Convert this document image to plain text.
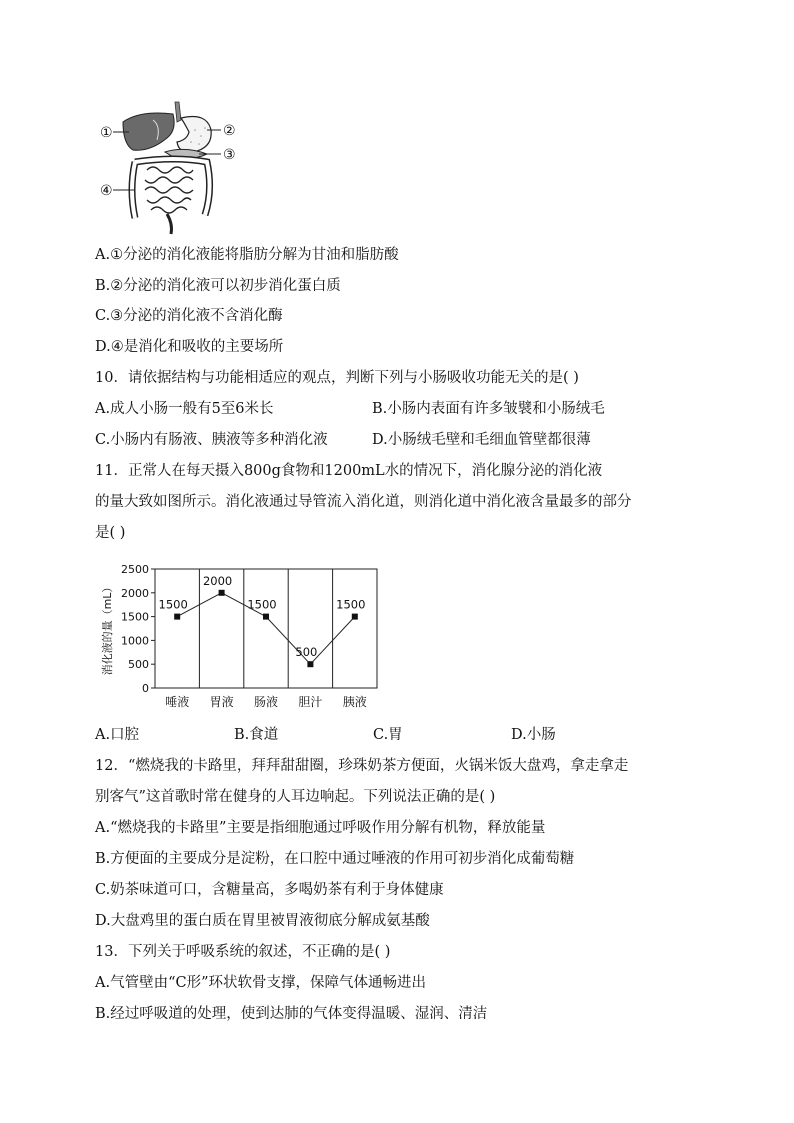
①	②
③
④
A.①分泌的消化液能将脂肪分解为甘油和脂肪酸
B.②分泌的消化液可以初步消化蛋白质
C.③分泌的消化液不含消化酶
D.④是消化和吸收的主要场所
10．请依据结构与功能相适应的观点，判断下列与小肠吸收功能无关的是( )
A.成人小肠一般有5至6米长	B.小肠内表面有许多皱襞和小肠绒毛
C.小肠内有肠液、胰液等多种消化液	D.小肠绒毛壁和毛细血管壁都很薄
11．正常人在每天摄入800g食物和1200mL水的情况下，消化腺分泌的消化液
的量大致如图所示。消化液通过导管流入消化道，则消化道中消化液含量最多的部分
是( )
0
500
1000
1500
2000
2500
唾液 胃液 肠液 胆汁 胰液
1500
2000
1500
500
1500
消化液的量（mL）
A.口腔	B.食道	C.胃	D.小肠
12．“燃烧我的卡路里，拜拜甜甜圈，珍珠奶茶方便面，火锅米饭大盘鸡，拿走拿走
别客气”这首歌时常在健身的人耳边响起。下列说法正确的是( )
A.“燃烧我的卡路里”主要是指细胞通过呼吸作用分解有机物，释放能量
B.方便面的主要成分是淀粉，在口腔中通过唾液的作用可初步消化成葡萄糖
C.奶茶味道可口，含糖量高，多喝奶茶有利于身体健康
D.大盘鸡里的蛋白质在胃里被胃液彻底分解成氨基酸
13．下列关于呼吸系统的叙述，不正确的是( )
A.气管壁由“C形”环状软骨支撑，保障气体通畅进出
B.经过呼吸道的处理，使到达肺的气体变得温暖、湿润、清洁
